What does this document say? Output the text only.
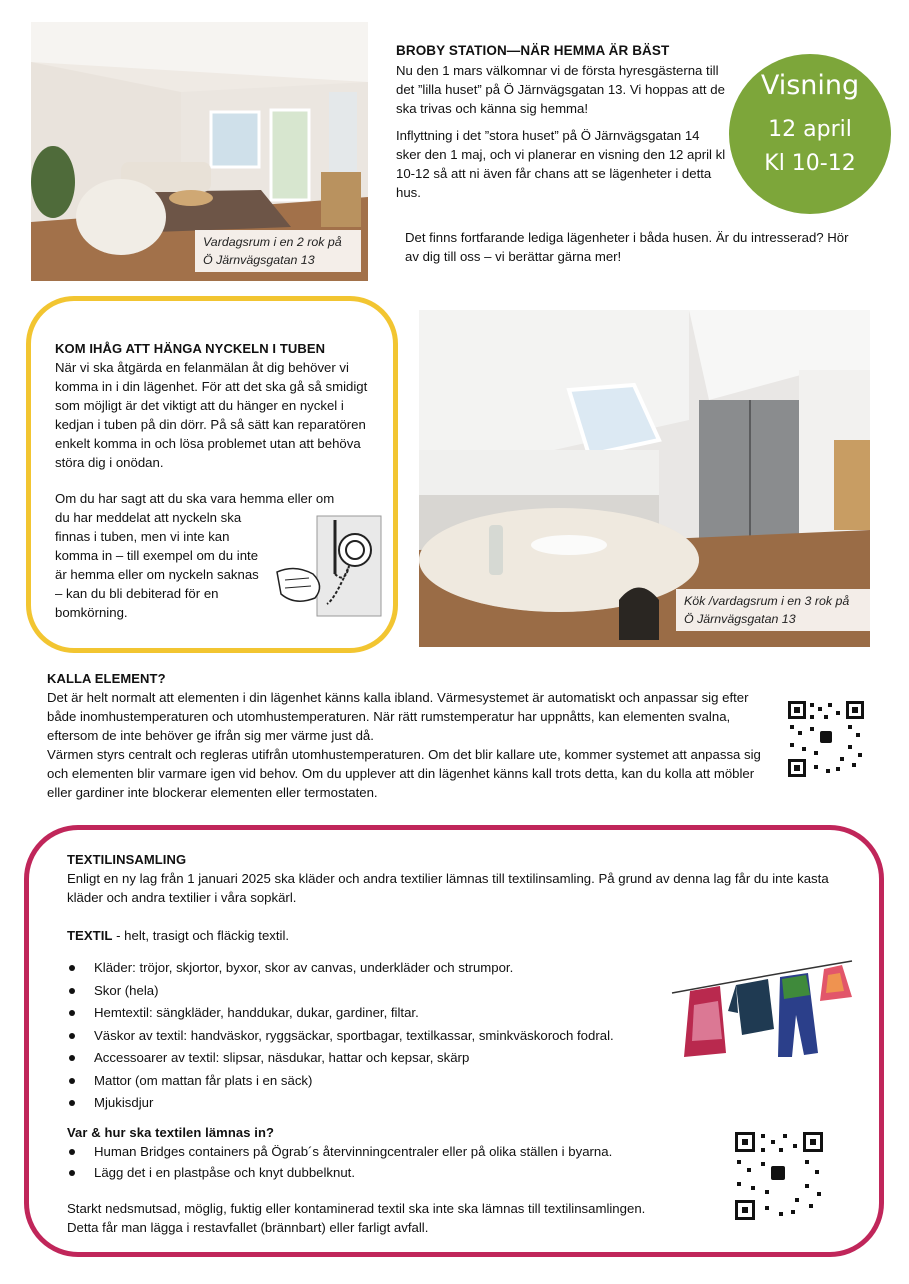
Vardagsrum i en 2 rok på Ö Järnvägsgatan 13
BROBY STATION—NÄR HEMMA ÄR BÄST

Nu den 1 mars välkomnar vi de första hyresgästerna till det ”lilla huset” på Ö Järnvägsgatan 13. Vi hoppas att de ska trivas och känna sig hemma!

Inflyttning i det ”stora huset” på Ö Järnvägsgatan 14 sker den 1 maj, och vi planerar en visning den 12 april kl 10-12 så att ni även får chans att se lägenheter i detta hus.

Det finns fortfarande lediga lägenheter i båda husen. Är du intresserad? Hör av dig till oss – vi berättar gärna mer!

Visning
12 april
Kl 10-12
KOM IHÅG ATT HÄNGA NYCKELN I TUBEN

När vi ska åtgärda en felanmälan åt dig behöver vi komma in i din lägenhet. För att det ska gå så smidigt som möjligt är det viktigt att du hänger en nyckel i kedjan i tuben på din dörr. På så sätt kan reparatören enkelt komma in och lösa problemet utan att behöva störa dig i onödan.

Om du har sagt att du ska vara hemma eller om

du har meddelat att nyckeln ska finnas i tuben, men vi inte kan komma in – till exempel om du inte är hemma eller om nyckeln saknas – kan du bli debiterad för en bomkörning.

Kök /vardagsrum i en 3 rok på Ö Järnvägsgatan 13
KALLA ELEMENT?

Det är helt normalt att elementen i din lägenhet känns kalla ibland. Värmesystemet är automatiskt och anpassar sig efter både inomhustemperaturen och utomhustemperaturen. När rätt rumstemperatur har uppnåtts, kan elementen svalna, eftersom de inte behöver ge ifrån sig mer värme just då.

Värmen styrs centralt och regleras utifrån utomhustemperaturen. Om det blir kallare ute, kommer systemet att anpassa sig och elementen blir varmare igen vid behov. Om du upplever att din lägenhet känns kall trots detta, kan du kolla att möbler eller gardiner inte blockerar elementen eller termostaten.

TEXTILINSAMLING

Enligt en ny lag från 1 januari 2025 ska kläder och andra textilier lämnas till textilinsamling. På grund av denna lag får du inte kasta kläder och andra textilier i våra sopkärl.

TEXTIL - helt, trasigt och fläckig textil.

Kläder: tröjor, skjortor, byxor, skor av canvas, underkläder och strumpor.
Skor (hela)
Hemtextil: sängkläder, handdukar, dukar, gardiner, filtar.
Väskor av textil: handväskor, ryggsäckar, sportbagar, textilkassar, sminkväskoroch fodral.
Accessoarer av textil: slipsar, näsdukar, hattar och kepsar, skärp
Mattor (om mattan får plats i en säck)
Mjukisdjur
Var & hur ska textilen lämnas in?
Human Bridges containers på Ögrab´s återvinningcentraler eller på olika ställen i byarna.
Lägg det i en plastpåse och knyt dubbelknut.

Starkt nedsmutsad, möglig, fuktig eller kontaminerad textil ska inte ska lämnas till textilinsamlingen.

Detta får man lägga i restavfallet (brännbart) eller farligt avfall.
